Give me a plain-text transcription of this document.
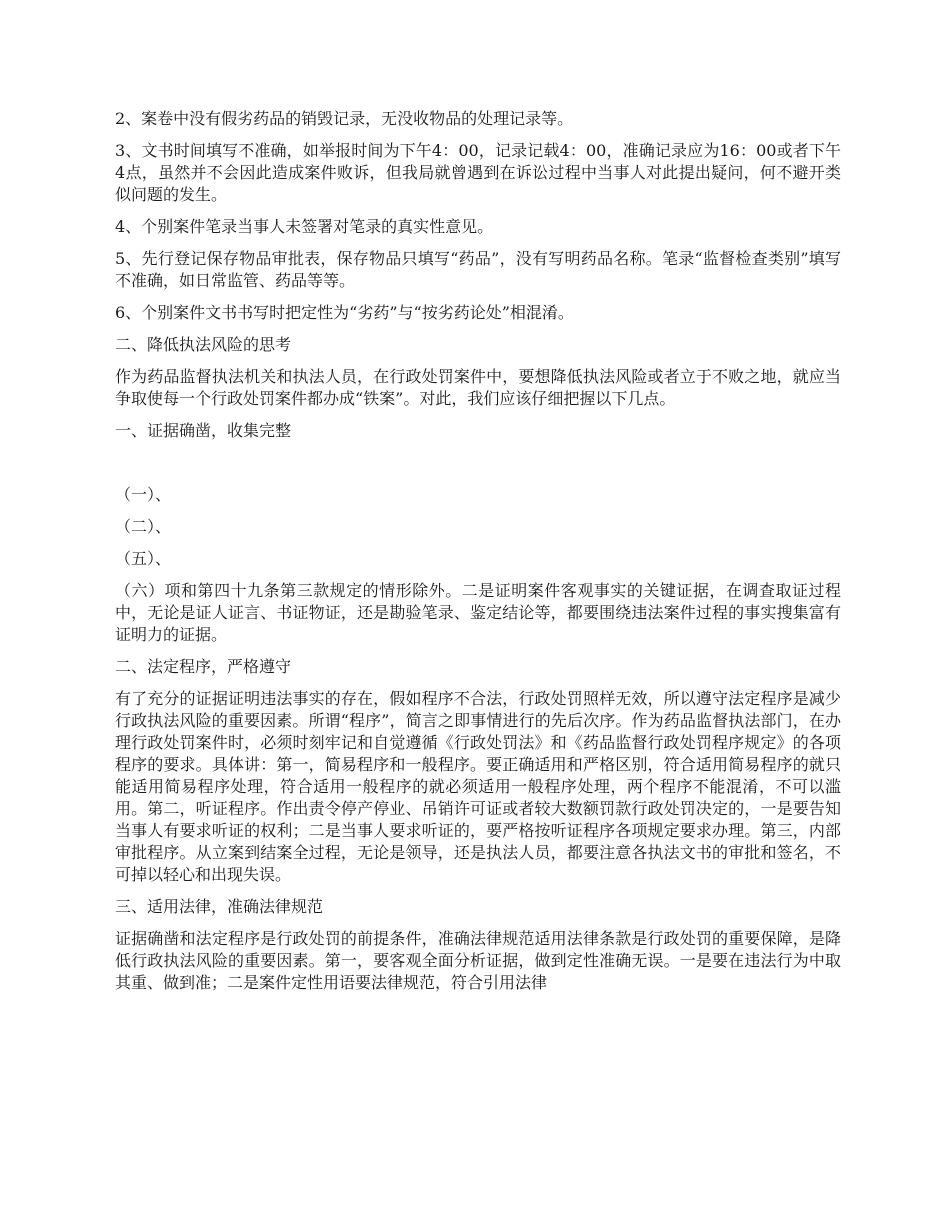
2、案卷中没有假劣药品的销毁记录，无没收物品的处理记录等。

3、文书时间填写不准确，如举报时间为下午4：00，记录记载4：00，准确记录应为16：00或者下午4点，虽然并不会因此造成案件败诉，但我局就曾遇到在诉讼过程中当事人对此提出疑问，何不避开类似问题的发生。

4、个别案件笔录当事人未签署对笔录的真实性意见。

5、先行登记保存物品审批表，保存物品只填写“药品”，没有写明药品名称。笔录“监督检查类别”填写不准确，如日常监管、药品等等。

6、个别案件文书书写时把定性为“劣药”与“按劣药论处”相混淆。

二、降低执法风险的思考

作为药品监督执法机关和执法人员，在行政处罚案件中，要想降低执法风险或者立于不败之地，就应当争取使每一个行政处罚案件都办成“铁案”。对此，我们应该仔细把握以下几点。

一、证据确凿，收集完整

（一）、

（二）、

（五）、

（六）项和第四十九条第三款规定的情形除外。二是证明案件客观事实的关键证据，在调查取证过程中，无论是证人证言、书证物证，还是勘验笔录、鉴定结论等，都要围绕违法案件过程的事实搜集富有证明力的证据。

二、法定程序，严格遵守

有了充分的证据证明违法事实的存在，假如程序不合法，行政处罚照样无效，所以遵守法定程序是减少行政执法风险的重要因素。所谓“程序”，简言之即事情进行的先后次序。作为药品监督执法部门，在办理行政处罚案件时，必须时刻牢记和自觉遵循《行政处罚法》和《药品监督行政处罚程序规定》的各项程序的要求。具体讲：第一，简易程序和一般程序。要正确适用和严格区别，符合适用简易程序的就只能适用简易程序处理，符合适用一般程序的就必须适用一般程序处理，两个程序不能混淆，不可以滥用。第二，听证程序。作出责令停产停业、吊销许可证或者较大数额罚款行政处罚决定的，一是要告知当事人有要求听证的权利；二是当事人要求听证的，要严格按听证程序各项规定要求办理。第三，内部审批程序。从立案到结案全过程，无论是领导，还是执法人员，都要注意各执法文书的审批和签名，不可掉以轻心和出现失误。

三、适用法律，准确法律规范

证据确凿和法定程序是行政处罚的前提条件，准确法律规范适用法律条款是行政处罚的重要保障，是降低行政执法风险的重要因素。第一，要客观全面分析证据，做到定性准确无误。一是要在违法行为中取其重、做到准；二是案件定性用语要法律规范，符合引用法律
